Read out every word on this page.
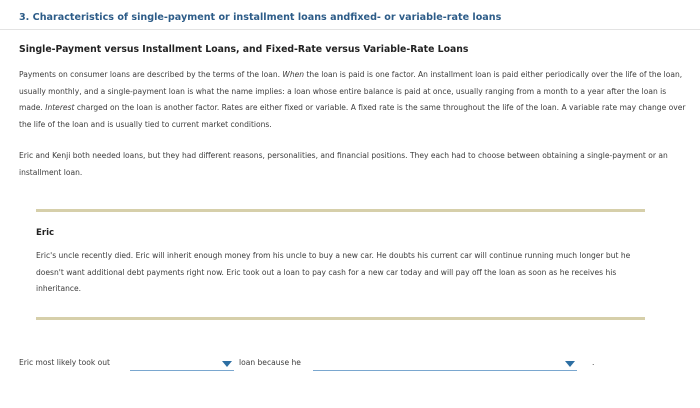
3. Characteristics of single-payment or installment loans andfixed- or variable-rate loans
Single-Payment versus Installment Loans, and Fixed-Rate versus Variable-Rate Loans
Payments on consumer loans are described by the terms of the loan. When the loan is paid is one factor. An installment loan is paid either periodically over the life of the loan, usually monthly, and a single-payment loan is what the name implies: a loan whose entire balance is paid at once, usually ranging from a month to a year after the loan is made. Interest charged on the loan is another factor. Rates are either fixed or variable. A fixed rate is the same throughout the life of the loan. A variable rate may change over the life of the loan and is usually tied to current market conditions.
Eric and Kenji both needed loans, but they had different reasons, personalities, and financial positions. They each had to choose between obtaining a single-payment or an installment loan.
Eric
Eric's uncle recently died. Eric will inherit enough money from his uncle to buy a new car. He doubts his current car will continue running much longer but he doesn't want additional debt payments right now. Eric took out a loan to pay cash for a new car today and will pay off the loan as soon as he receives his inheritance.
Eric most likely took out	loan because he	.
